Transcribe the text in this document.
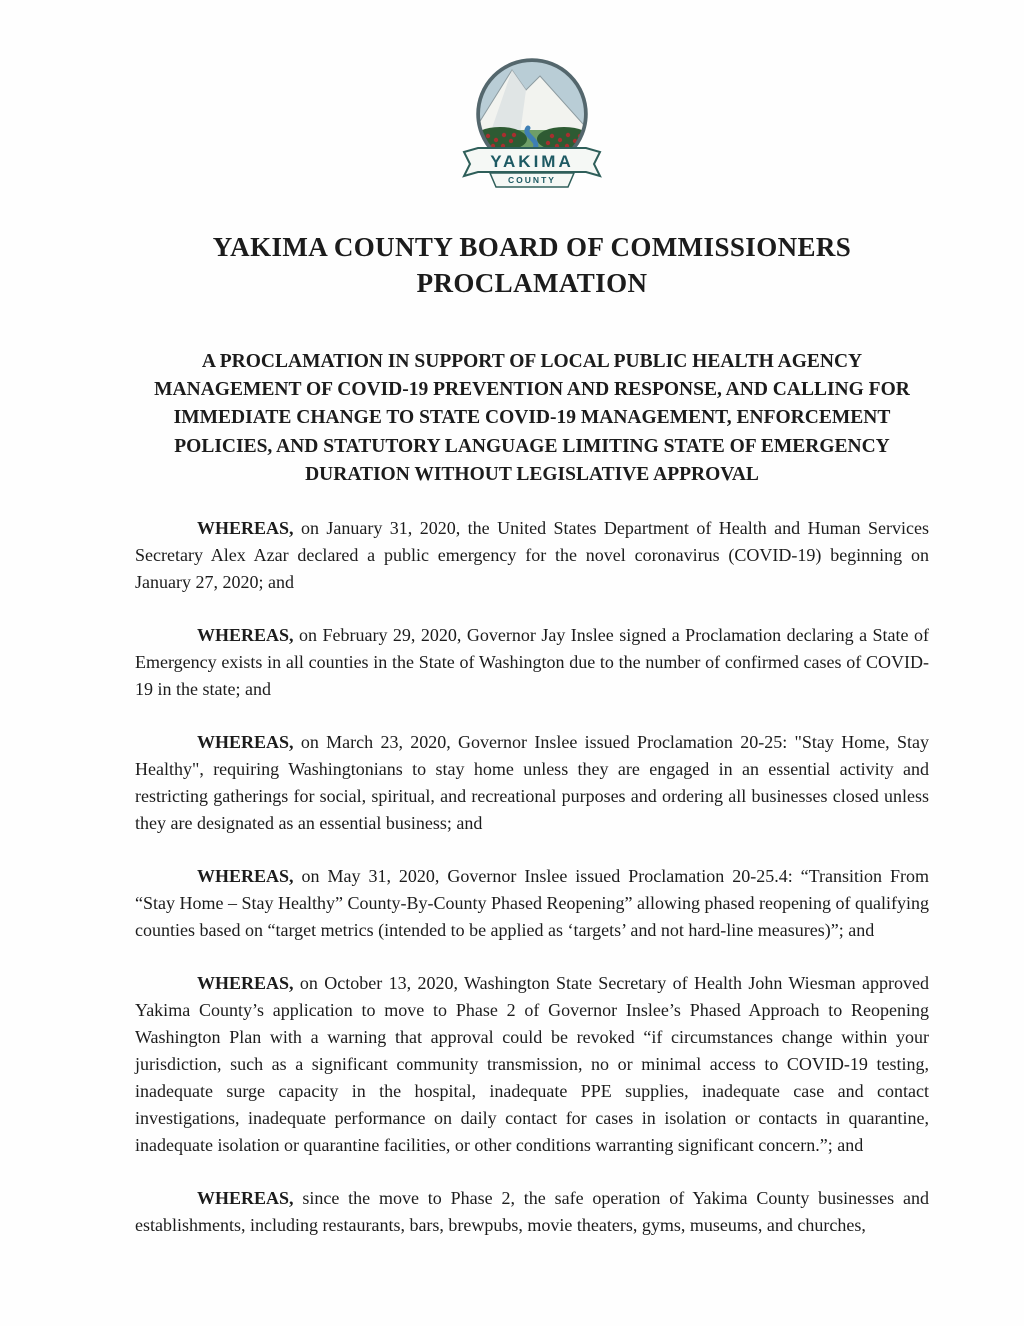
YAKIMA
COUNTY
YAKIMA COUNTY BOARD OF COMMISSIONERS
PROCLAMATION

A PROCLAMATION IN SUPPORT OF LOCAL PUBLIC HEALTH AGENCY MANAGEMENT OF COVID-19 PREVENTION AND RESPONSE, AND CALLING FOR IMMEDIATE CHANGE TO STATE COVID-19 MANAGEMENT, ENFORCEMENT POLICIES, AND STATUTORY LANGUAGE LIMITING STATE OF EMERGENCY DURATION WITHOUT LEGISLATIVE APPROVAL

WHEREAS, on January 31, 2020, the United States Department of Health and Human Services Secretary Alex Azar declared a public emergency for the novel coronavirus (COVID-19) beginning on January 27, 2020; and

WHEREAS, on February 29, 2020, Governor Jay Inslee signed a Proclamation declaring a State of Emergency exists in all counties in the State of Washington due to the number of confirmed cases of COVID-19 in the state; and

WHEREAS, on March 23, 2020, Governor Inslee issued Proclamation 20-25: "Stay Home, Stay Healthy", requiring Washingtonians to stay home unless they are engaged in an essential activity and restricting gatherings for social, spiritual, and recreational purposes and ordering all businesses closed unless they are designated as an essential business; and

WHEREAS, on May 31, 2020, Governor Inslee issued Proclamation 20-25.4: “Transition From “Stay Home – Stay Healthy” County-By-County Phased Reopening” allowing phased reopening of qualifying counties based on “target metrics (intended to be applied as ‘targets’ and not hard-line measures)”; and

WHEREAS, on October 13, 2020, Washington State Secretary of Health John Wiesman approved Yakima County’s application to move to Phase 2 of Governor Inslee’s Phased Approach to Reopening Washington Plan with a warning that approval could be revoked “if circumstances change within your jurisdiction, such as a significant community transmission, no or minimal access to COVID-19 testing, inadequate surge capacity in the hospital, inadequate PPE supplies, inadequate case and contact investigations, inadequate performance on daily contact for cases in isolation or contacts in quarantine, inadequate isolation or quarantine facilities, or other conditions warranting significant concern.”; and

WHEREAS, since the move to Phase 2, the safe operation of Yakima County businesses and establishments, including restaurants, bars, brewpubs, movie theaters, gyms, museums, and churches,
